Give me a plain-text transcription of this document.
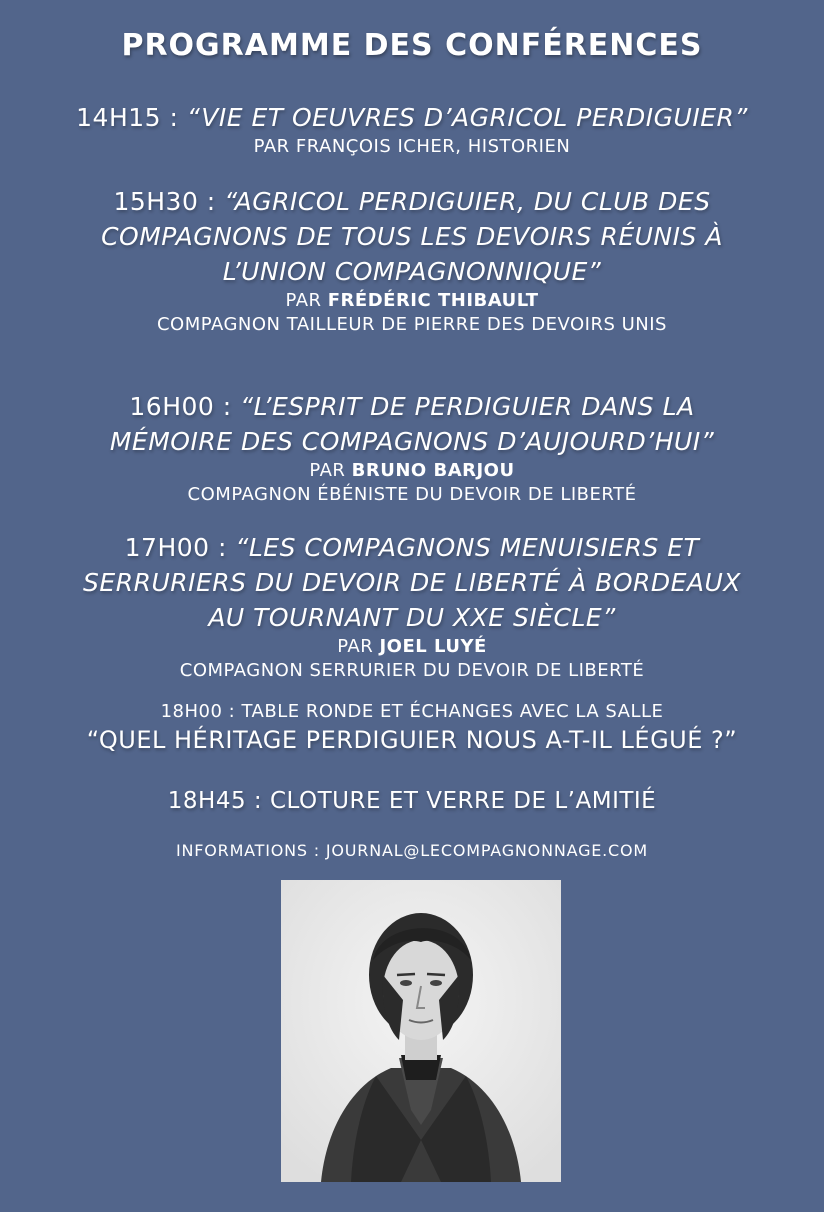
PROGRAMME DES CONFÉRENCES
14H15 : “VIE ET OEUVRES D’AGRICOL PERDIGUIER”
PAR FRANÇOIS ICHER, HISTORIEN
15H30 : “AGRICOL PERDIGUIER, DU CLUB DES
COMPAGNONS DE TOUS LES DEVOIRS RÉUNIS À
L’UNION COMPAGNONNIQUE”
PAR FRÉDÉRIC THIBAULT
COMPAGNON TAILLEUR DE PIERRE DES DEVOIRS UNIS
16H00 : “L’ESPRIT DE PERDIGUIER DANS LA
MÉMOIRE DES COMPAGNONS D’AUJOURD’HUI”
PAR BRUNO BARJOU
COMPAGNON ÉBÉNISTE DU DEVOIR DE LIBERTÉ
17H00 : “LES COMPAGNONS MENUISIERS ET
SERRURIERS DU DEVOIR DE LIBERTÉ À BORDEAUX
AU TOURNANT DU XXE SIÈCLE”
PAR JOEL LUYÉ
COMPAGNON SERRURIER DU DEVOIR DE LIBERTÉ
18H00 : TABLE RONDE ET ÉCHANGES AVEC LA SALLE
“QUEL HÉRITAGE PERDIGUIER NOUS A-T-IL LÉGUÉ ?”
18H45 : CLOTURE ET VERRE DE L’AMITIÉ
INFORMATIONS : JOURNAL@LECOMPAGNONNAGE.COM
